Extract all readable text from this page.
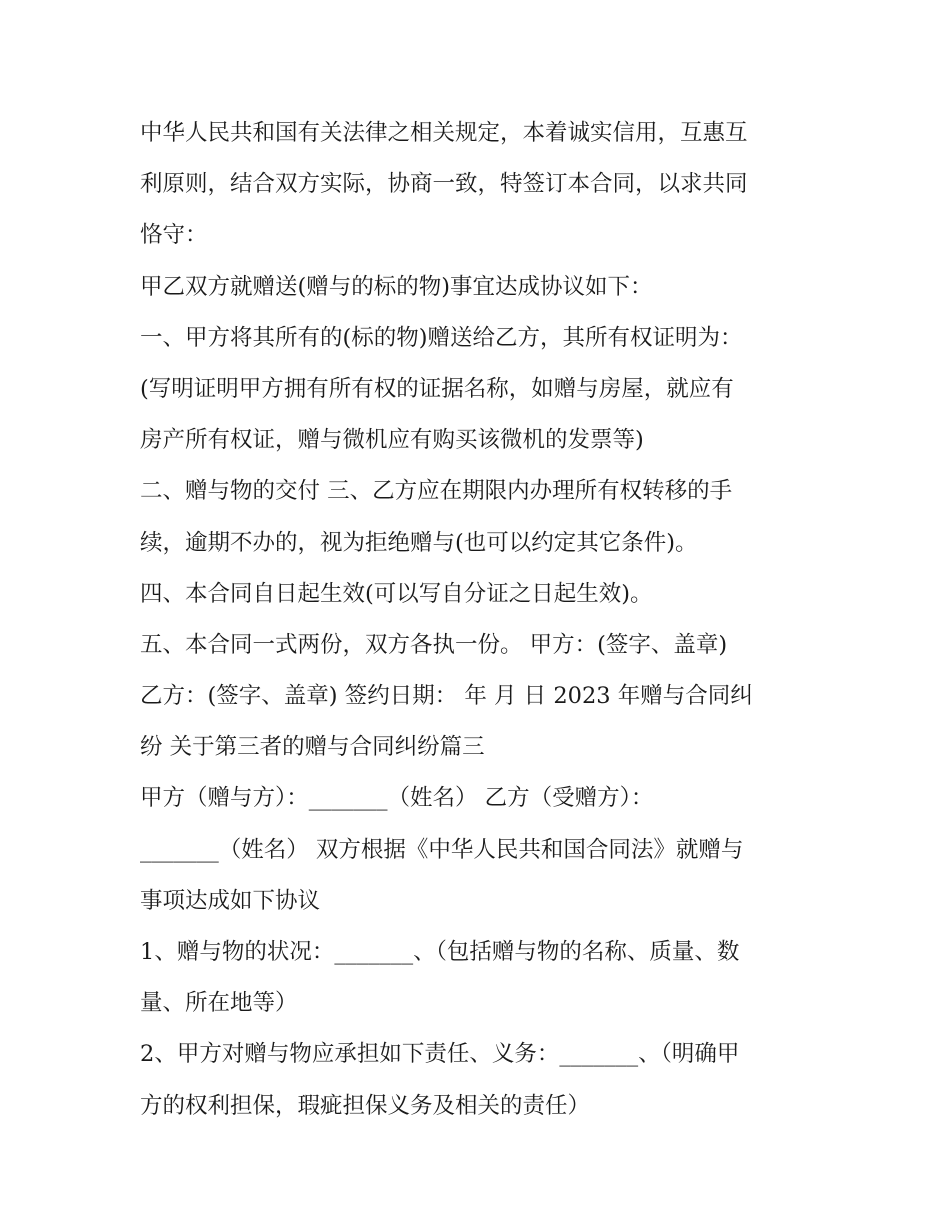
中华人民共和国有关法律之相关规定，本着诚实信用，互惠互

利原则，结合双方实际，协商一致，特签订本合同，以求共同

恪守：

甲乙双方就赠送(赠与的标的物)事宜达成协议如下：

一、甲方将其所有的(标的物)赠送给乙方，其所有权证明为：

(写明证明甲方拥有所有权的证据名称，如赠与房屋，就应有

房产所有权证，赠与微机应有购买该微机的发票等)

二、赠与物的交付 三、乙方应在期限内办理所有权转移的手

续，逾期不办的，视为拒绝赠与(也可以约定其它条件)。

四、本合同自日起生效(可以写自分证之日起生效)。

五、本合同一式两份，双方各执一份。 甲方：(签字、盖章)

乙方：(签字、盖章) 签约日期： 年 月 日 2023 年赠与合同纠

纷 关于第三者的赠与合同纠纷篇三

甲方（赠与方）：_______（姓名） 乙方（受赠方）：

_______（姓名） 双方根据《中华人民共和国合同法》就赠与

事项达成如下协议

1、赠与物的状况：_______、（包括赠与物的名称、质量、数

量、所在地等）

2、甲方对赠与物应承担如下责任、义务：_______、（明确甲

方的权利担保，瑕疵担保义务及相关的责任）
